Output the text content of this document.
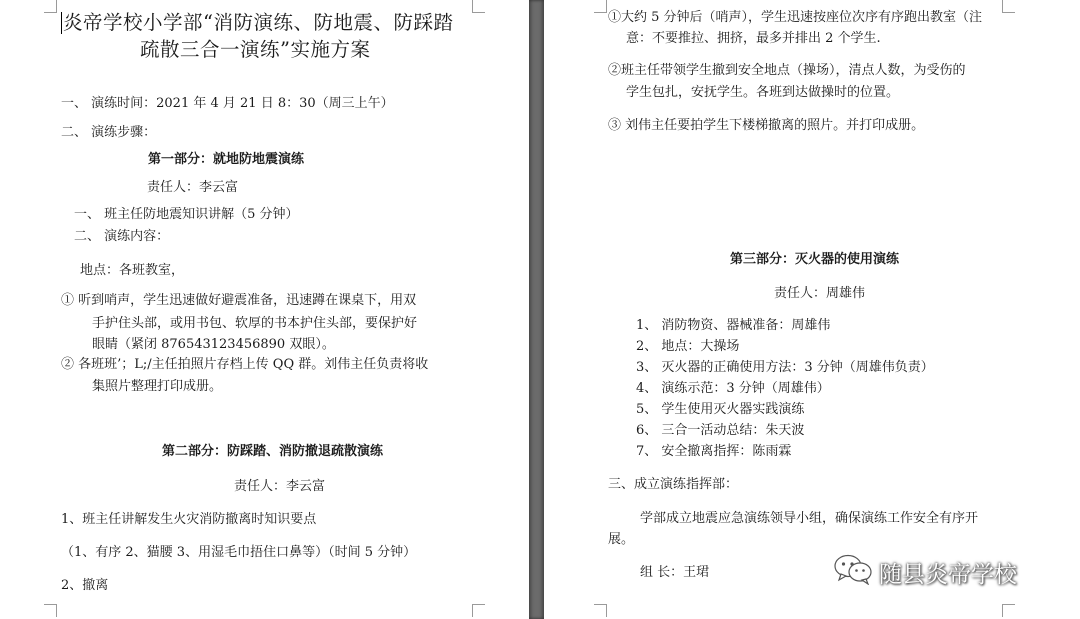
炎帝学校小学部“消防演练、防地震、防踩踏
疏散三合一演练”实施方案
一、 演练时间：2021 年 4 月 21 日 8：30（周三上午）
二、 演练步骤：
第一部分：就地防地震演练
责任人：李云富
一、 班主任防地震知识讲解（5 分钟）
二、 演练内容：
地点：各班教室，
① 听到哨声，学生迅速做好避震准备，迅速蹲在课桌下，用双
手护住头部，或用书包、软厚的书本护住头部，要保护好
眼睛（紧闭 876543123456890 双眼）。
② 各班班’；L;/主任拍照片存档上传 QQ 群。刘伟主任负责将收
集照片整理打印成册。
第二部分：防踩踏、消防撤退疏散演练
责任人：李云富
1、班主任讲解发生火灾消防撤离时知识要点
（1、有序 2、猫腰 3、用湿毛巾捂住口鼻等）（时间 5 分钟）
2、撤离
①大约 5 分钟后（哨声），学生迅速按座位次序有序跑出教室（注
意：不要推拉、拥挤，最多并排出 2 个学生.
②班主任带领学生撤到安全地点（操场），清点人数，为受伤的
学生包扎，安抚学生。各班到达做操时的位置。
③ 刘伟主任要拍学生下楼梯撤离的照片。并打印成册。
第三部分：灭火器的使用演练
责任人：周雄伟
1、 消防物资、器械准备：周雄伟
2、 地点：大操场
3、 灭火器的正确使用方法：3 分钟（周雄伟负责）
4、 演练示范：3 分钟（周雄伟）
5、 学生使用灭火器实践演练
6、 三合一活动总结：朱天波
7、 安全撤离指挥：陈雨霖
三、成立演练指挥部：
学部成立地震应急演练领导小组，确保演练工作安全有序开
展。
组 长：王珺	随县炎帝学校
